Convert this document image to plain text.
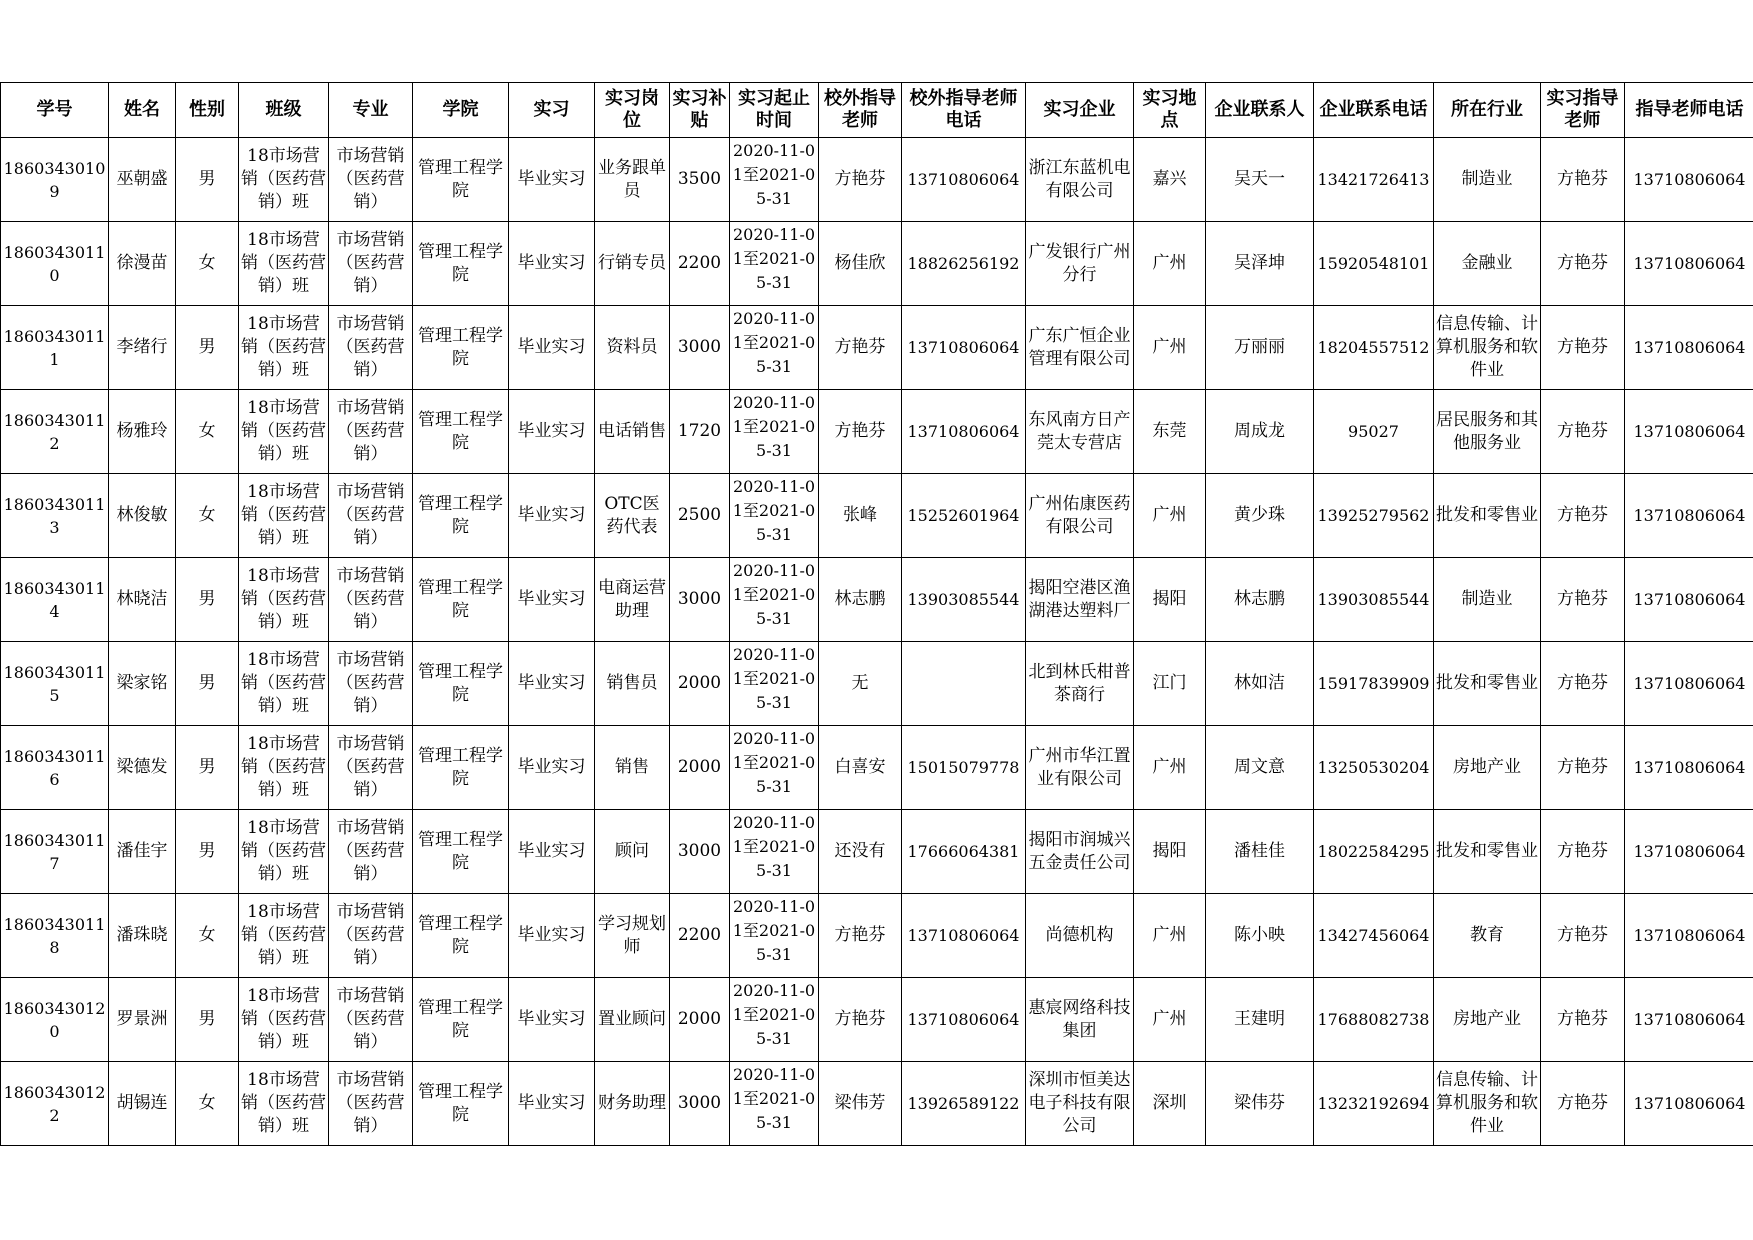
学号	姓名	性别	班级	专业	学院	实习	实习岗位	实习补贴	实习起止时间	校外指导老师	校外指导老师电话	实习企业	实习地点	企业联系人	企业联系电话	所在行业	实习指导老师	指导老师电话
18603430109	巫朝盛	男	18市场营销（医药营销）班	市场营销（医药营销）	管理工程学院	毕业实习	业务跟单员	3500	2020-11-01至2021-05-31	方艳芬	13710806064	浙江东蓝机电有限公司	嘉兴	吴天一	13421726413	制造业	方艳芬	13710806064
18603430110	徐漫苗	女	18市场营销（医药营销）班	市场营销（医药营销）	管理工程学院	毕业实习	行销专员	2200	2020-11-01至2021-05-31	杨佳欣	18826256192	广发银行广州分行	广州	吴泽坤	15920548101	金融业	方艳芬	13710806064
18603430111	李绪行	男	18市场营销（医药营销）班	市场营销（医药营销）	管理工程学院	毕业实习	资料员	3000	2020-11-01至2021-05-31	方艳芬	13710806064	广东广恒企业管理有限公司	广州	万丽丽	18204557512	信息传输、计算机服务和软件业	方艳芬	13710806064
18603430112	杨雅玲	女	18市场营销（医药营销）班	市场营销（医药营销）	管理工程学院	毕业实习	电话销售	1720	2020-11-01至2021-05-31	方艳芬	13710806064	东风南方日产莞太专营店	东莞	周成龙	95027	居民服务和其他服务业	方艳芬	13710806064
18603430113	林俊敏	女	18市场营销（医药营销）班	市场营销（医药营销）	管理工程学院	毕业实习	OTC医药代表	2500	2020-11-01至2021-05-31	张峰	15252601964	广州佑康医药有限公司	广州	黄少珠	13925279562	批发和零售业	方艳芬	13710806064
18603430114	林晓洁	男	18市场营销（医药营销）班	市场营销（医药营销）	管理工程学院	毕业实习	电商运营助理	3000	2020-11-01至2021-05-31	林志鹏	13903085544	揭阳空港区渔湖港达塑料厂	揭阳	林志鹏	13903085544	制造业	方艳芬	13710806064
18603430115	梁家铭	男	18市场营销（医药营销）班	市场营销（医药营销）	管理工程学院	毕业实习	销售员	2000	2020-11-01至2021-05-31	无		北到林氏柑普茶商行	江门	林如洁	15917839909	批发和零售业	方艳芬	13710806064
18603430116	梁德发	男	18市场营销（医药营销）班	市场营销（医药营销）	管理工程学院	毕业实习	销售	2000	2020-11-01至2021-05-31	白喜安	15015079778	广州市华江置业有限公司	广州	周文意	13250530204	房地产业	方艳芬	13710806064
18603430117	潘佳宇	男	18市场营销（医药营销）班	市场营销（医药营销）	管理工程学院	毕业实习	顾问	3000	2020-11-01至2021-05-31	还没有	17666064381	揭阳市润城兴五金责任公司	揭阳	潘桂佳	18022584295	批发和零售业	方艳芬	13710806064
18603430118	潘珠晓	女	18市场营销（医药营销）班	市场营销（医药营销）	管理工程学院	毕业实习	学习规划师	2200	2020-11-01至2021-05-31	方艳芬	13710806064	尚德机构	广州	陈小映	13427456064	教育	方艳芬	13710806064
18603430120	罗景洲	男	18市场营销（医药营销）班	市场营销（医药营销）	管理工程学院	毕业实习	置业顾问	2000	2020-11-01至2021-05-31	方艳芬	13710806064	惠宸网络科技集团	广州	王建明	17688082738	房地产业	方艳芬	13710806064
18603430122	胡锡连	女	18市场营销（医药营销）班	市场营销（医药营销）	管理工程学院	毕业实习	财务助理	3000	2020-11-01至2021-05-31	梁伟芳	13926589122	深圳市恒美达电子科技有限公司	深圳	梁伟芬	13232192694	信息传输、计算机服务和软件业	方艳芬	13710806064
